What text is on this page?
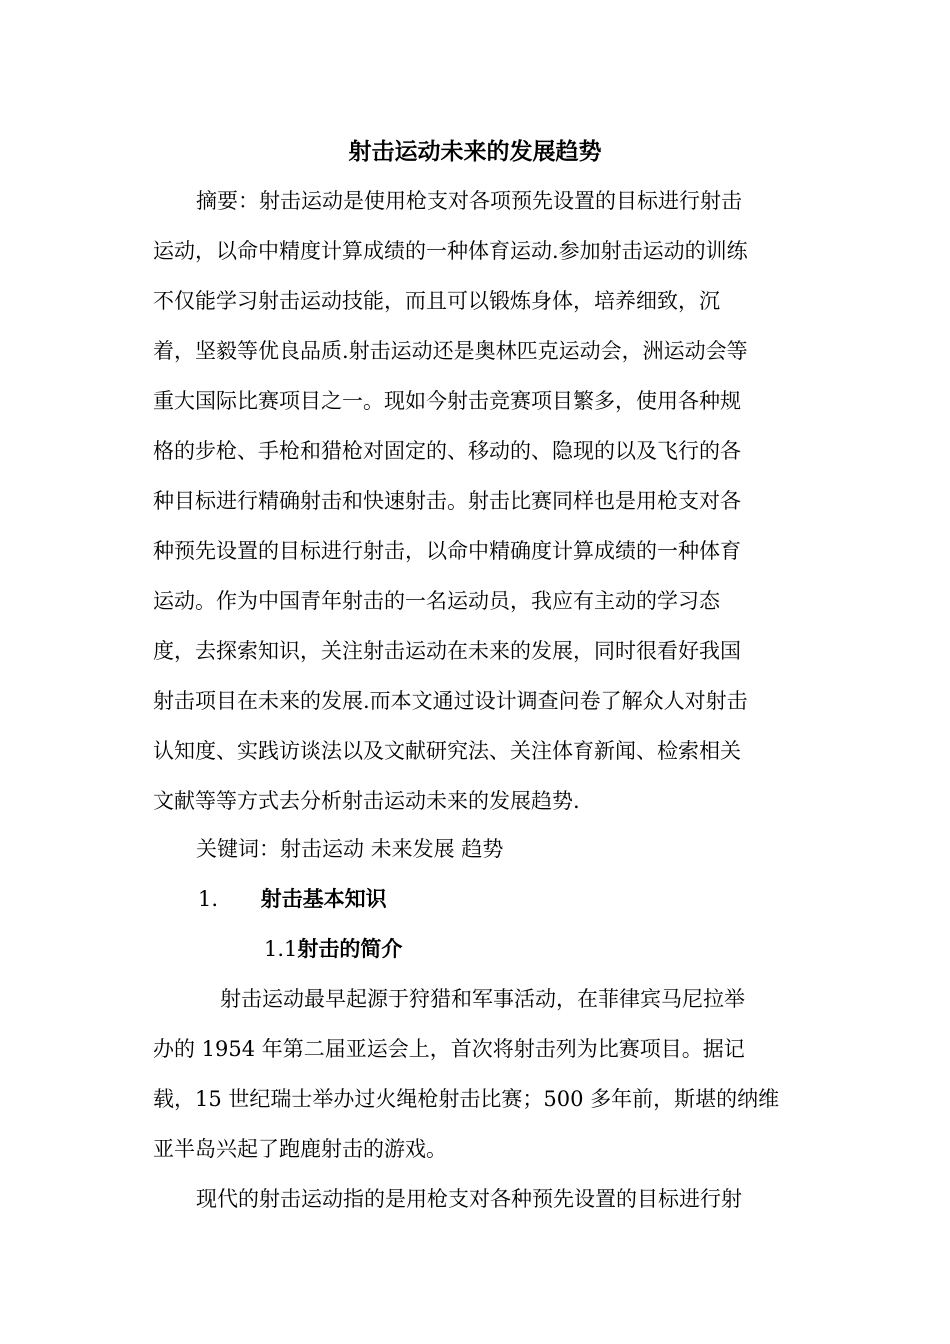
射击运动未来的发展趋势
摘要：射击运动是使用枪支对各项预先设置的目标进行射击
运动，以命中精度计算成绩的一种体育运动.参加射击运动的训练
不仅能学习射击运动技能，而且可以锻炼身体，培养细致，沉
着，坚毅等优良品质.射击运动还是奥林匹克运动会，洲运动会等
重大国际比赛项目之一。现如今射击竞赛项目繁多，使用各种规
格的步枪、手枪和猎枪对固定的、移动的、隐现的以及飞行的各
种目标进行精确射击和快速射击。射击比赛同样也是用枪支对各
种预先设置的目标进行射击，以命中精确度计算成绩的一种体育
运动。作为中国青年射击的一名运动员，我应有主动的学习态
度，去探索知识，关注射击运动在未来的发展，同时很看好我国
射击项目在未来的发展.而本文通过设计调查问卷了解众人对射击
认知度、实践访谈法以及文献研究法、关注体育新闻、检索相关
文献等等方式去分析射击运动未来的发展趋势.
关键词：射击运动 未来发展 趋势
1. 射击基本知识
1.1射击的简介
射击运动最早起源于狩猎和军事活动，在菲律宾马尼拉举
办的 1954 年第二届亚运会上，首次将射击列为比赛项目。据记
载，15 世纪瑞士举办过火绳枪射击比赛；500 多年前，斯堪的纳维
亚半岛兴起了跑鹿射击的游戏。
现代的射击运动指的是用枪支对各种预先设置的目标进行射
